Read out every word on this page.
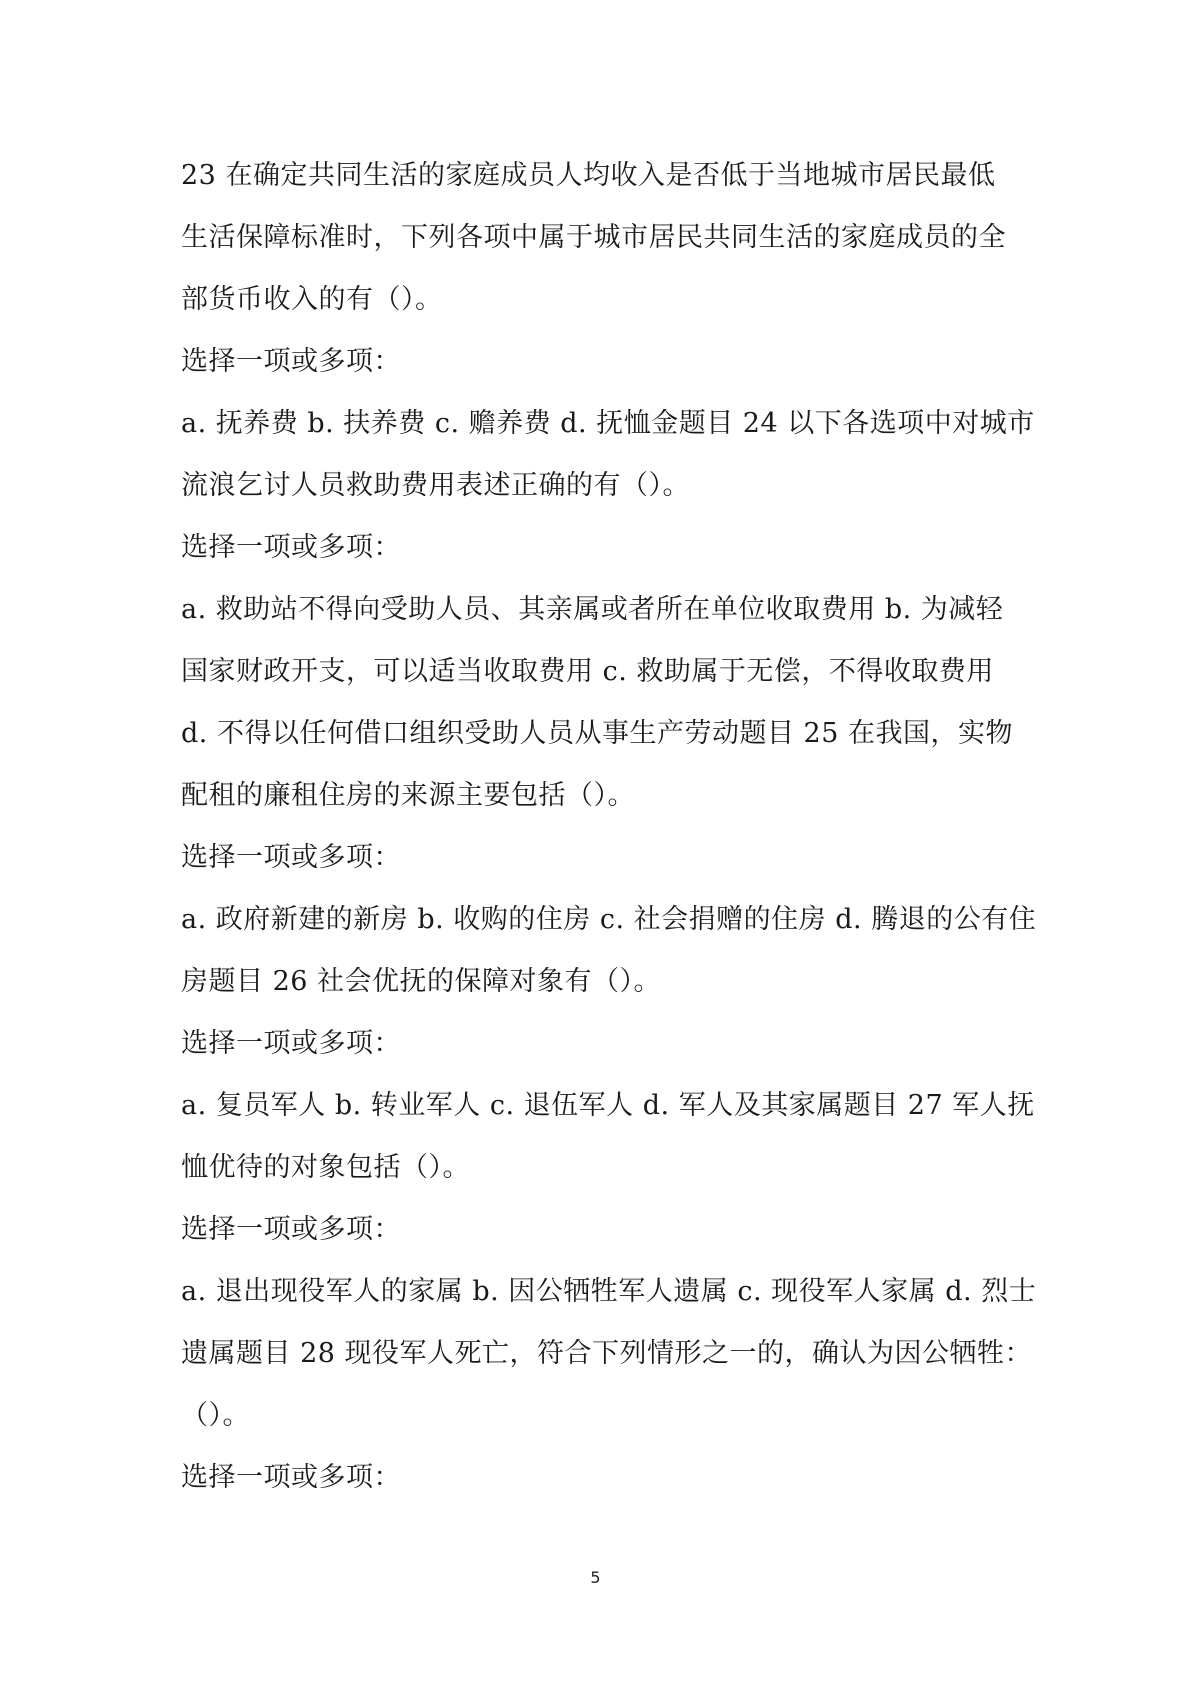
23 在确定共同生活的家庭成员人均收入是否低于当地城市居民最低
生活保障标准时，下列各项中属于城市居民共同生活的家庭成员的全
部货币收入的有（）。
选择一项或多项：
a. 抚养费 b. 扶养费 c. 赡养费 d. 抚恤金题目 24 以下各选项中对城市
流浪乞讨人员救助费用表述正确的有（）。
选择一项或多项：
a. 救助站不得向受助人员、其亲属或者所在单位收取费用 b. 为减轻
国家财政开支，可以适当收取费用 c. 救助属于无偿，不得收取费用
d. 不得以任何借口组织受助人员从事生产劳动题目 25 在我国，实物
配租的廉租住房的来源主要包括（）。
选择一项或多项：
a. 政府新建的新房 b. 收购的住房 c. 社会捐赠的住房 d. 腾退的公有住
房题目 26 社会优抚的保障对象有（）。
选择一项或多项：
a. 复员军人 b. 转业军人 c. 退伍军人 d. 军人及其家属题目 27 军人抚
恤优待的对象包括（）。
选择一项或多项：
a. 退出现役军人的家属 b. 因公牺牲军人遗属 c. 现役军人家属 d. 烈士
遗属题目 28 现役军人死亡，符合下列情形之一的，确认为因公牺牲：
（）。
选择一项或多项：
5
